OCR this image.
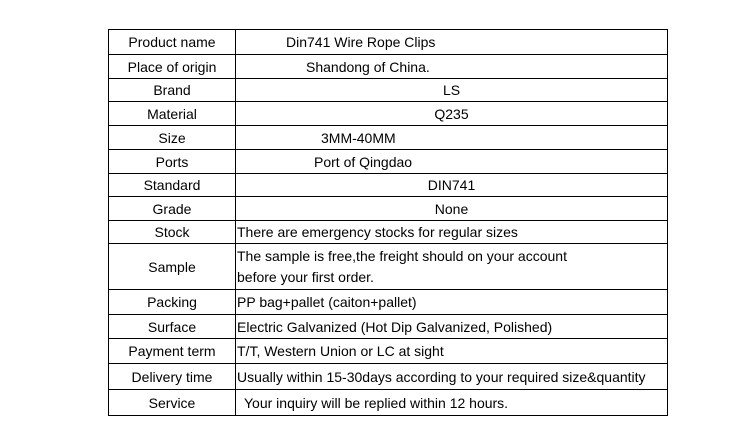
Product name	Din741 Wire Rope Clips
Place of origin	Shandong of China.
Brand	LS
Material	Q235
Size	3MM-40MM
Ports	Port of Qingdao
Standard	DIN741
Grade	None
Stock	There are emergency stocks for regular sizes
Sample	The sample is free,the freight should on your account
before your first order.

Packing	PP bag+pallet (caiton+pallet)
Surface	Electric Galvanized (Hot Dip Galvanized, Polished)
Payment term	T/T, Western Union or LC at sight
Delivery time	Usually within 15-30days according to your required size&quantity
Service	Your inquiry will be replied within 12 hours.
